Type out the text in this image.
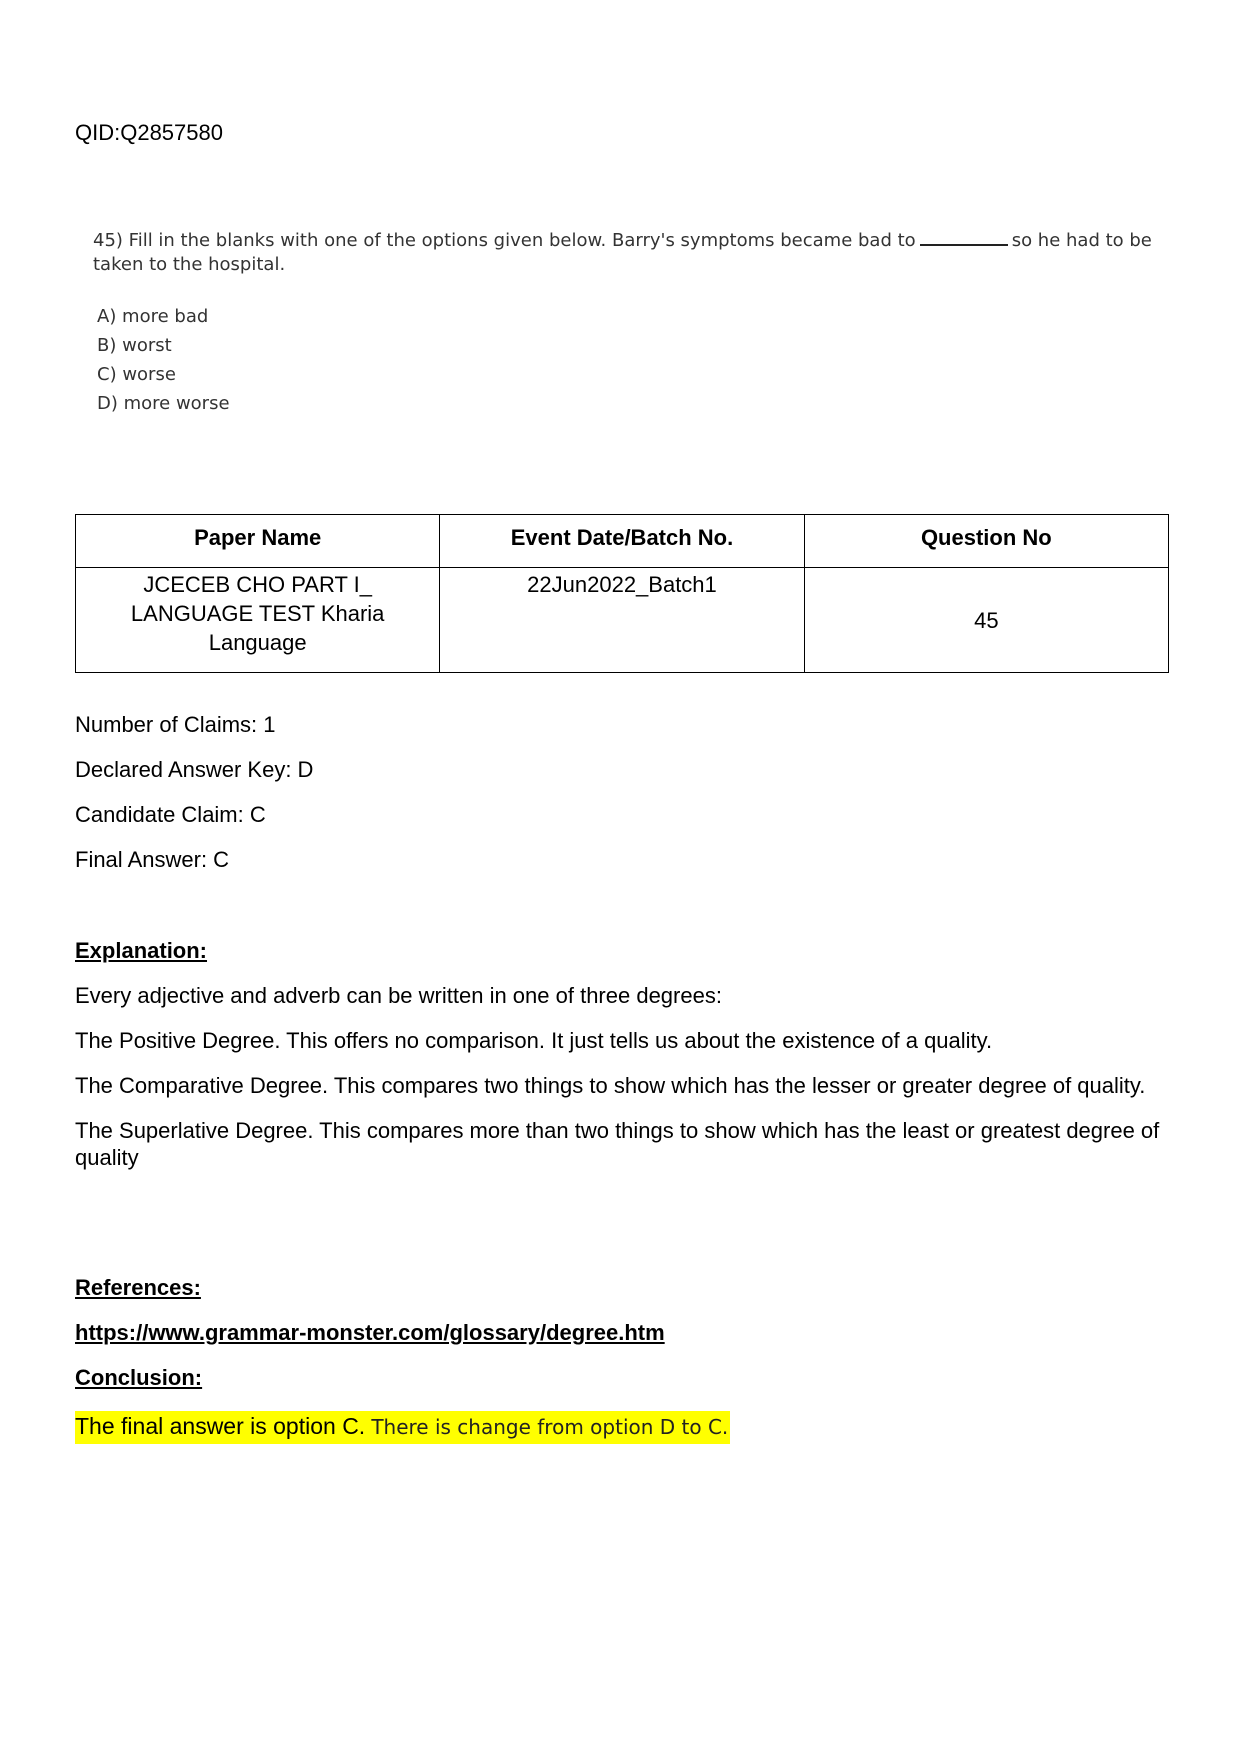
QID:Q2857580

45) Fill in the blanks with one of the options given below. Barry's symptoms became bad to	so he had to be taken to the hospital.

A) more bad
B) worst
C) worse
D) more worse
Paper Name	Event Date/Batch No.	Question No
JCECEB CHO PART I_ LANGUAGE TEST Kharia Language	22Jun2022_Batch1	45

Number of Claims: 1

Declared Answer Key: D

Candidate Claim: C

Final Answer: C

Explanation:

Every adjective and adverb can be written in one of three degrees:

The Positive Degree. This offers no comparison. It just tells us about the existence of a quality.

The Comparative Degree. This compares two things to show which has the lesser or greater degree of quality.

The Superlative Degree. This compares more than two things to show which has the least or greatest degree of quality

References:

https://www.grammar-monster.com/glossary/degree.htm

Conclusion:
The final answer is option C. There is change from option D to C.
